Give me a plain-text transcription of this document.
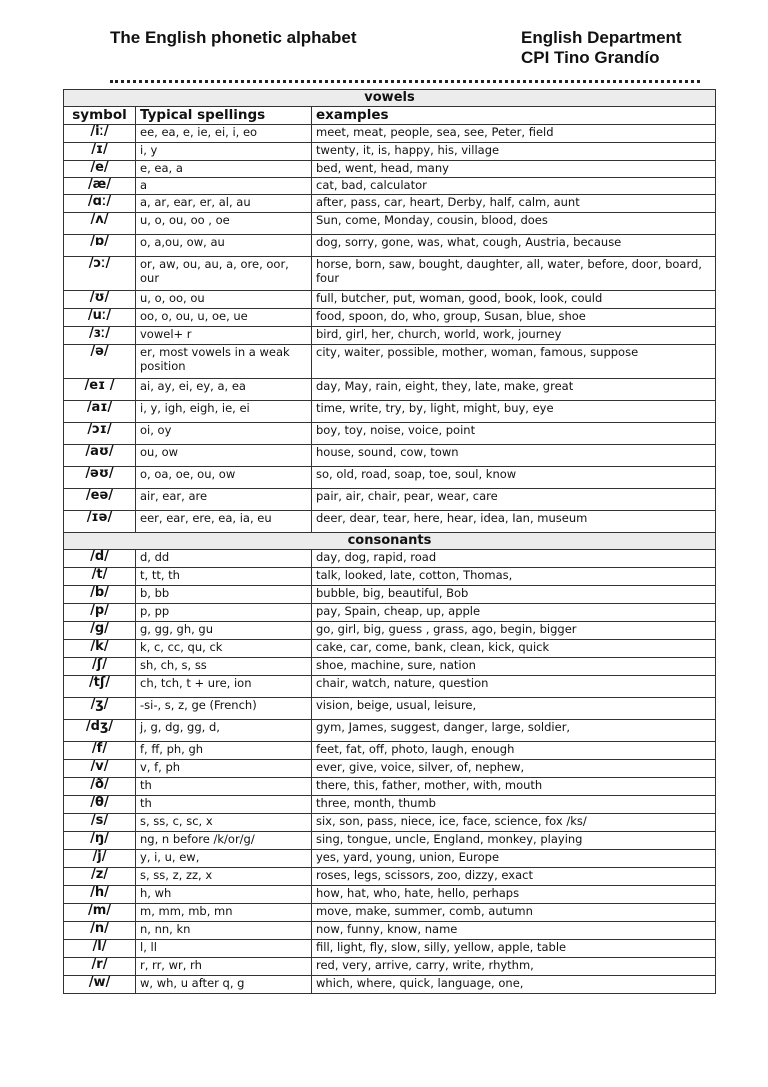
The English phonetic alphabet	English Department
CPI Tino Grandío
vowels		
symbol	Typical spellings	examples
/iː/	ee, ea, e, ie, ei, i, eo	meet, meat, people, sea, see, Peter, field
/ɪ/	i, y	twenty, it, is, happy, his, village
/e/	e, ea, a	bed, went, head, many
/æ/	a	cat, bad, calculator
/ɑː/	a, ar, ear, er, al, au	after, pass, car, heart, Derby, half, calm, aunt
/ʌ/	u, o, ou, oo , oe	Sun, come, Monday, cousin, blood, does
/ɒ/	o, a,ou, ow, au	dog, sorry, gone, was, what, cough, Austria, because
/ɔː/	or, aw, ou, au, a, ore, oor, our	horse, born, saw, bought, daughter, all, water, before, door, board, four
/ʊ/	u, o, oo, ou	full, butcher, put, woman, good, book, look, could
/uː/	oo, o, ou, u, oe, ue	food, spoon, do, who, group, Susan, blue, shoe
/ɜː/	vowel+ r	bird, girl, her, church, world, work, journey
/ə/	er, most vowels in a weak position	city, waiter, possible, mother, woman, famous, suppose
/eɪ /	ai, ay, ei, ey, a, ea	day, May, rain, eight, they, late, make, great
/aɪ/	i, y, igh, eigh, ie, ei	time, write, try, by, light, might, buy, eye
/ɔɪ/	oi, oy	boy, toy, noise, voice, point
/aʊ/	ou, ow	house, sound, cow, town
/əʊ/	o, oa, oe, ou, ow	so, old, road, soap, toe, soul, know
/eə/	air, ear, are	pair, air, chair, pear, wear, care
/ɪə/	eer, ear, ere, ea, ia, eu	deer, dear, tear, here, hear, idea, Ian, museum
consonants		
/d/	d, dd	day, dog, rapid, road
/t/	t, tt, th	talk, looked, late, cotton, Thomas,
/b/	b, bb	bubble, big, beautiful, Bob
/p/	p, pp	pay, Spain, cheap, up, apple
/g/	g, gg, gh, gu	go, girl, big, guess , grass, ago, begin, bigger
/k/	k, c, cc, qu, ck	cake, car, come, bank, clean, kick, quick
/ʃ/	sh, ch, s, ss	shoe, machine, sure, nation
/tʃ/	ch, tch, t + ure, ion	chair, watch, nature, question
/ʒ/	-si-, s, z, ge (French)	vision, beige, usual, leisure,
/dʒ/	j, g, dg, gg, d,	gym, James, suggest, danger, large, soldier,
/f/	f, ff, ph, gh	feet, fat, off, photo, laugh, enough
/v/	v, f, ph	ever, give, voice, silver, of, nephew,
/ð/	th	there, this, father, mother, with, mouth
/θ/	th	three, month, thumb
/s/	s, ss, c, sc, x	six, son, pass, niece, ice, face, science, fox /ks/
/ŋ/	ng, n before /k/or/g/	sing, tongue, uncle, England, monkey, playing
/j/	y, i, u, ew,	yes, yard, young, union, Europe
/z/	s, ss, z, zz, x	roses, legs, scissors, zoo, dizzy, exact
/h/	h, wh	how, hat, who, hate, hello, perhaps
/m/	m, mm, mb, mn	move, make, summer, comb, autumn
/n/	n, nn, kn	now, funny, know, name
/l/	l, ll	fill, light, fly, slow, silly, yellow, apple, table
/r/	r, rr, wr, rh	red, very, arrive, carry, write, rhythm,
/w/	w, wh, u after q, g	which, where, quick, language, one,
